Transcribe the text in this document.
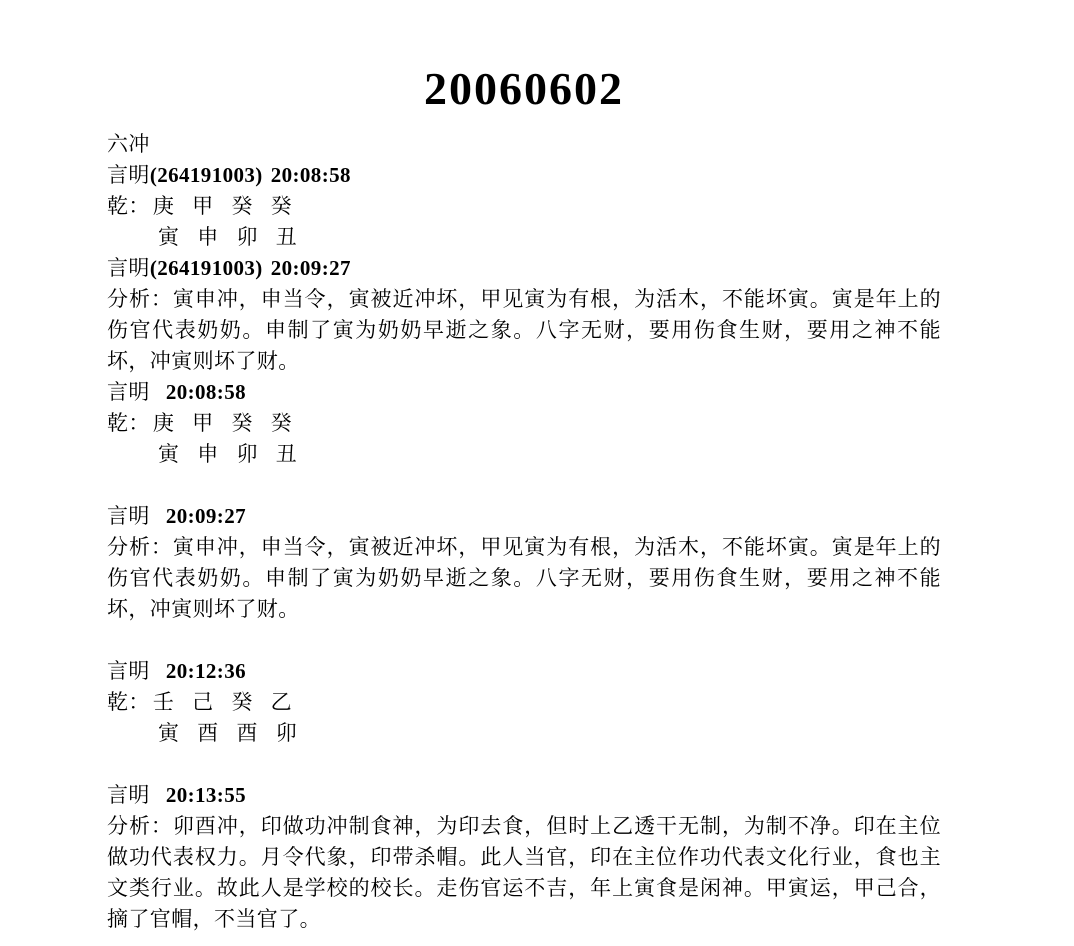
20060602
六冲
言明(264191003) 20:08:58
乾： 庚 甲 癸 癸
寅 申 卯 丑
言明(264191003) 20:09:27

分析：寅申冲，申当令，寅被近冲坏，甲见寅为有根，为活木，不能坏寅。寅是年上的伤官代表奶奶。申制了寅为奶奶早逝之象。八字无财，要用伤食生财，要用之神不能坏，冲寅则坏了财。

言明 20:08:58
乾： 庚 甲 癸 癸
寅 申 卯 丑
言明 20:09:27

分析：寅申冲，申当令，寅被近冲坏，甲见寅为有根，为活木，不能坏寅。寅是年上的伤官代表奶奶。申制了寅为奶奶早逝之象。八字无财，要用伤食生财，要用之神不能坏，冲寅则坏了财。

言明 20:12:36
乾： 壬 己 癸 乙
寅 酉 酉 卯
言明 20:13:55

分析：卯酉冲，印做功冲制食神，为印去食，但时上乙透干无制，为制不净。印在主位做功代表权力。月令代象，印带杀帽。此人当官，印在主位作功代表文化行业，食也主文类行业。故此人是学校的校长。走伤官运不吉，年上寅食是闲神。甲寅运，甲己合，摘了官帽，不当官了。
